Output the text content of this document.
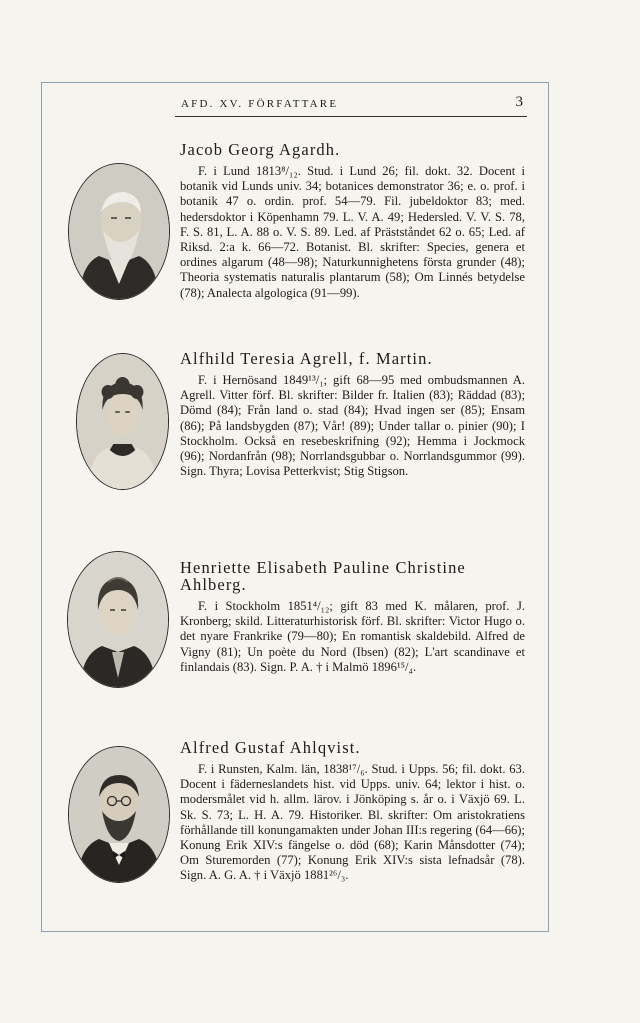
AFD. XV. FÖRFATTARE	3
Jacob Georg Agardh.

F. i Lund 1813⁸/₁₂. Stud. i Lund 26; fil. dokt. 32. Docent i botanik vid Lunds univ. 34; botanices demonstrator 36; e. o. prof. i botanik 47 o. ordin. prof. 54—79. Fil. jubeldoktor 83; med. hedersdoktor i Köpenhamn 79. L. V. A. 49; Hedersled. V. V. S. 78, F. S. 81, L. A. 88 o. V. S. 89. Led. af Prästståndet 62 o. 65; Led. af Riksd. 2:a k. 66—72. Botanist. Bl. skrifter: Species, genera et ordines algarum (48—98); Naturkunnighetens första grunder (48); Theoria systematis naturalis plantarum (58); Om Linnés betydelse (78); Analecta algologica (91—99).

Alfhild Teresia Agrell, f. Martin.

F. i Hernösand 1849¹³/₁; gift 68—95 med ombudsmannen A. Agrell. Vitter förf. Bl. skrifter: Bilder fr. Italien (83); Räddad (83); Dömd (84); Från land o. stad (84); Hvad ingen ser (85); Ensam (86); På landsbygden (87); Vår! (89); Under tallar o. pinier (90); I Stockholm. Också en resebeskrifning (92); Hemma i Jockmock (96); Nordanfrån (98); Norrlandsgubbar o. Norrlandsgummor (99). Sign. Thyra; Lovisa Petterkvist; Stig Stigson.

Henriette Elisabeth Pauline Christine Ahlberg.

F. i Stockholm 1851⁴/₁₂; gift 83 med K. målaren, prof. J. Kronberg; skild. Litteraturhistorisk förf. Bl. skrifter: Victor Hugo o. det nyare Frankrike (79—80); En romantisk skaldebild. Alfred de Vigny (81); Un poète du Nord (Ibsen) (82); L'art scandinave et finlandais (83). Sign. P. A. † i Malmö 1896¹⁵/₄.

Alfred Gustaf Ahlqvist.

F. i Runsten, Kalm. län, 1838¹⁷/₆. Stud. i Upps. 56; fil. dokt. 63. Docent i fäderneslandets hist. vid Upps. univ. 64; lektor i hist. o. modersmålet vid h. allm. lärov. i Jönköping s. år o. i Växjö 69. L. Sk. S. 73; L. H. A. 79. Historiker. Bl. skrifter: Om aristokratiens förhållande till konungamakten under Johan III:s regering (64—66); Konung Erik XIV:s fängelse o. död (68); Karin Månsdotter (74); Om Sturemorden (77); Konung Erik XIV:s sista lefnadsår (78). Sign. A. G. A. † i Växjö 1881²⁶/₃.
